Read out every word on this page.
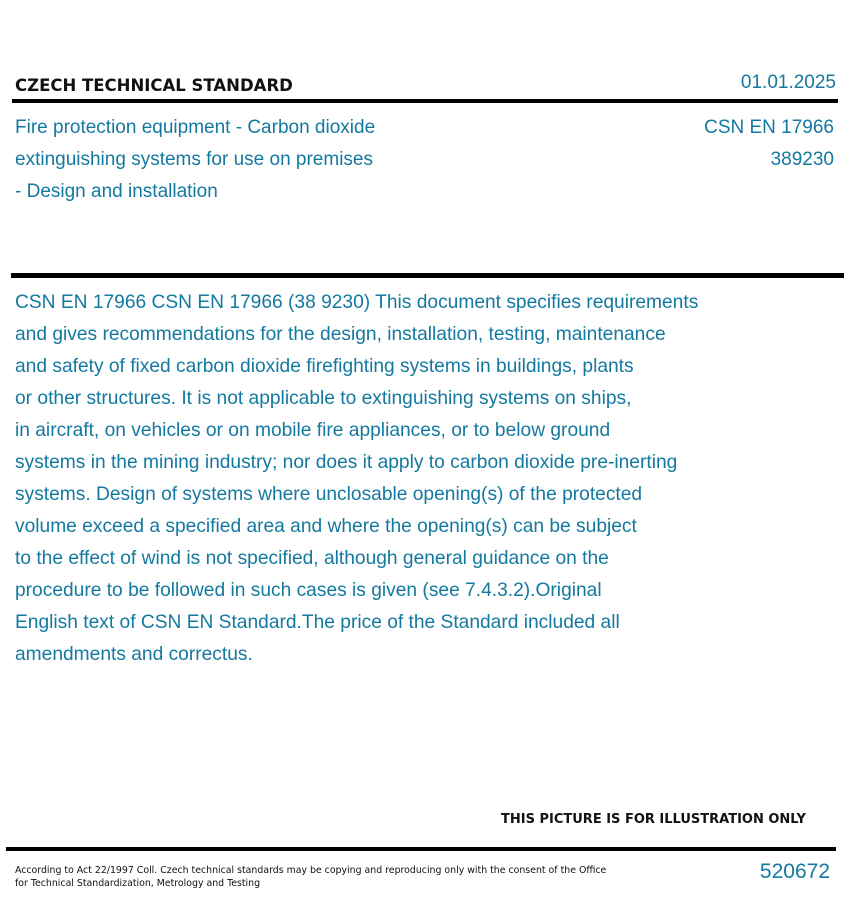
CZECH TECHNICAL STANDARD	01.01.2025
Fire protection equipment - Carbon dioxide
extinguishing systems for use on premises
- Design and installation
CSN EN 17966
389230
CSN EN 17966 CSN EN 17966 (38 9230) This document specifies requirements
and gives recommendations for the design, installation, testing, maintenance
and safety of fixed carbon dioxide firefighting systems in buildings, plants
or other structures. It is not applicable to extinguishing systems on ships,
in aircraft, on vehicles or on mobile fire appliances, or to below ground
systems in the mining industry; nor does it apply to carbon dioxide pre-inerting
systems. Design of systems where unclosable opening(s) of the protected
volume exceed a specified area and where the opening(s) can be subject
to the effect of wind is not specified, although general guidance on the
procedure to be followed in such cases is given (see 7.4.3.2).Original
English text of CSN EN Standard.The price of the Standard included all
amendments and correctus.
THIS PICTURE IS FOR ILLUSTRATION ONLY
According to Act 22/1997 Coll. Czech technical standards may be copying and reproducing only with the consent of the Office
for Technical Standardization, Metrology and Testing
520672
